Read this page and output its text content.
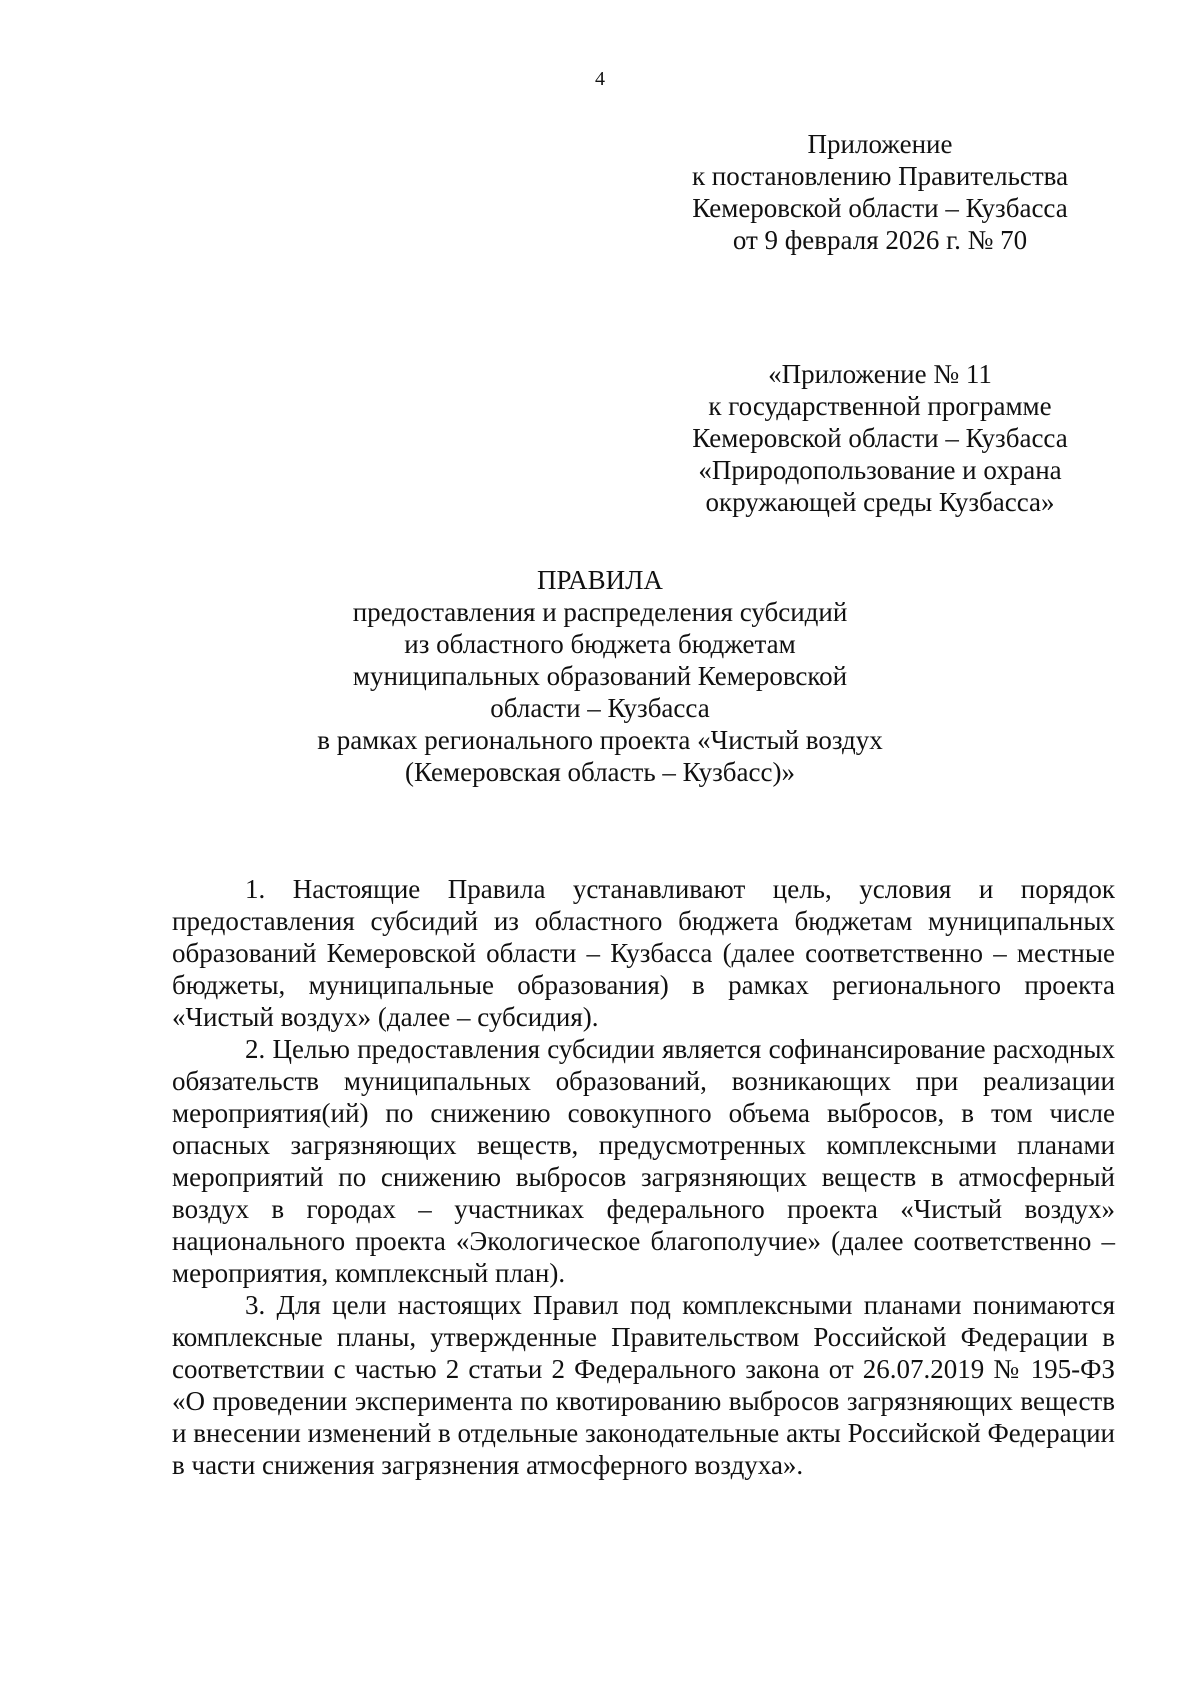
4
Приложение
к постановлению Правительства
Кемеровской области – Кузбасса
от 9 февраля 2026 г. № 70
«Приложение № 11
к государственной программе
Кемеровской области – Кузбасса
«Природопользование и охрана
окружающей среды Кузбасса»
ПРАВИЛА
предоставления и распределения субсидий
из областного бюджета бюджетам
муниципальных образований Кемеровской
области – Кузбасса
в рамках регионального проекта «Чистый воздух
(Кемеровская область – Кузбасс)»

1. Настоящие Правила устанавливают цель, условия и порядок предоставления субсидий из областного бюджета бюджетам муниципальных образований Кемеровской области – Кузбасса (далее соответственно – местные бюджеты, муниципальные образования) в рамках регионального проекта «Чистый воздух» (далее – субсидия).

2. Целью предоставления субсидии является софинансирование расходных обязательств муниципальных образований, возникающих при реализации мероприятия(ий) по снижению совокупного объема выбросов, в том числе опасных загрязняющих веществ, предусмотренных комплексными планами мероприятий по снижению выбросов загрязняющих веществ в атмосферный воздух в городах – участниках федерального проекта «Чистый воздух» национального проекта «Экологическое благополучие» (далее соответственно – мероприятия, комплексный план).

3. Для цели настоящих Правил под комплексными планами понимаются комплексные планы, утвержденные Правительством Российской Федерации в соответствии с частью 2 статьи 2 Федерального закона от 26.07.2019 № 195-ФЗ «О проведении эксперимента по квотированию выбросов загрязняющих веществ и внесении изменений в отдельные законодательные акты Российской Федерации в части снижения загрязнения атмосферного воздуха».
